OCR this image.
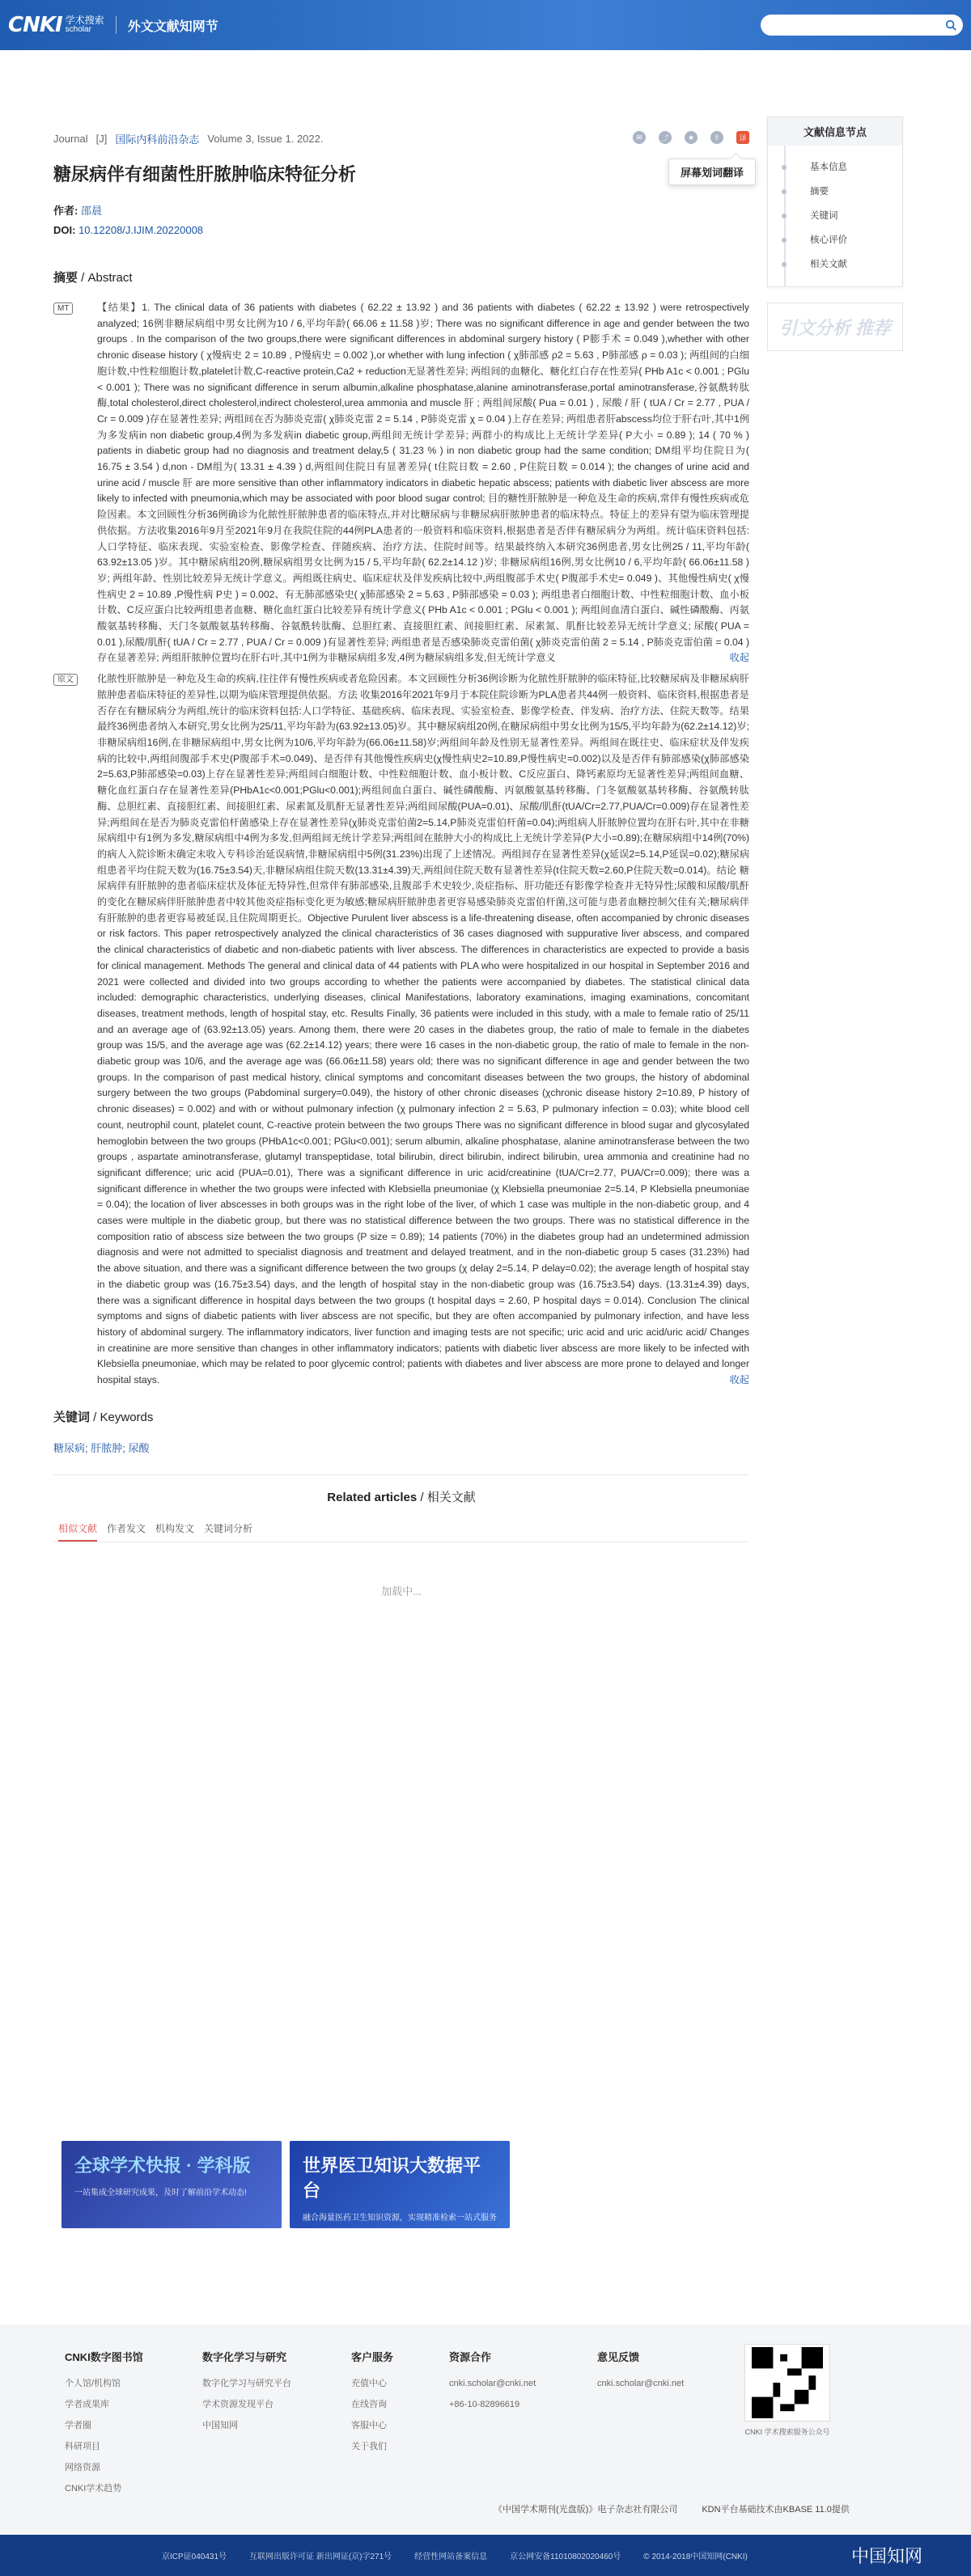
CNKI 学术搜索
scholar	外文文献知网节
Journal [J] 国际内科前沿杂志 Volume 3, Issue 1. 2022.	✉	⤴	★	⇪	译
屏幕划词翻译
糖尿病伴有细菌性肝脓肿临床特征分析
作者: 邵晨
DOI: 10.12208/J.IJIM.20220008
摘要 / Abstract
MT	【结果】1. The clinical data of 36 patients with diabetes ( 62.22 ± 13.92 ) and 36 patients with diabetes ( 62.22 ± 13.92 ) were retrospectively analyzed; 16例非糖尿病组中男女比例为10 / 6,平均年龄( 66.06 ± 11.58 )岁; There was no significant difference in age and gender between the two groups . In the comparison of the two groups,there were significant differences in abdominal surgery history ( P膨手术 = 0.049 ),whether with other chronic disease history ( χ慢病史 2 = 10.89 , P慢病史 = 0.002 ),or whether with lung infection ( χ肺部感 ρ2 = 5.63 , P肺部感 ρ = 0.03 ); 两组间的白细胞计数,中性粒细胞计数,platelet计数,C-reactive protein,Ca2 + reduction无显著性差异; 两组间的血糖化、糖化红白存在性差异( PHb A1c < 0.001 ; PGlu < 0.001 ); There was no significant difference in serum albumin,alkaline phosphatase,alanine aminotransferase,portal aminotransferase,谷氨酰转肽酶,total cholesterol,direct cholesterol,indirect cholesterol,urea ammonia and muscle 肝 ; 两组间尿酸( Pua = 0.01 ) , 尿酸 / 肝 ( tUA / Cr = 2.77 , PUA / Cr = 0.009 )存在显著性差异; 两组间在否为肺炎克雷( χ肺炎克雷 2 = 5.14 , P肺炎克雷 χ = 0.04 )上存在差异; 两组患者肝abscess均位于肝右叶,其中1例为多发病in non diabetic group,4例为多发病in diabetic group,两组间无统计学差异; 两群小的构成比上无统计学差异( P大小 = 0.89 ); 14 ( 70 % ) patients in diabetic group had no diagnosis and treatment delay,5 ( 31.23 % ) in non diabetic group had the same condition; DM组平均住院日为( 16.75 ± 3.54 ) d,non - DM组为( 13.31 ± 4.39 ) d,两组间住院日有显著差异( t住院日数 = 2.60 , P住院日数 = 0.014 ); the changes of urine acid and urine acid / muscle 肝 are more sensitive than other inflammatory indicators in diabetic hepatic abscess; patients with diabetic liver abscess are more likely to infected with pneumonia,which may be associated with poor blood sugar control; 目的糖性肝脓肿是一种危及生命的疾病,常伴有慢性疾病或危险因素。本文回顾性分析36例确诊为化脓性肝脓肿患者的临床特点,并对比糖尿病与非糖尿病肝脓肿患者的临床特点。特征上的差异有望为临床管理提供依据。方法收集2016年9月至2021年9月在我院住院的44例PLA患者的一般资料和临床资料,根据患者是否伴有糖尿病分为两组。统计临床资料包括: 人口学特征、临床表现、实验室检查、影像学检查、伴随疾病、治疗方法、住院时间等。结果最终纳入本研究36例患者,男女比例25 / 11,平均年龄( 63.92±13.05 )岁。其中糖尿病组20例,糖尿病组男女比例为15 / 5,平均年龄( 62.2±14.12 )岁; 非糖尿病组16例,男女比例10 / 6,平均年龄( 66.06±11.58 )岁; 两组年龄、性别比较差异无统计学意义。两组既往病史、临床症状及伴发疾病比较中,两组腹部手术史( P腹部手术史= 0.049 )、其他慢性病史( χ慢性病史 2 = 10.89 ,P慢性病 P史 ) = 0.002、有无肺部感染史( χ肺部感染 2 = 5.63 , P肺部感染 = 0.03 ); 两组患者白细胞计数、中性粒细胞计数、血小板计数、C反应蛋白比较两组患者血糖、糖化血红蛋白比较差异有统计学意义( PHb A1c < 0.001 ; PGlu < 0.001 ); 两组间血清白蛋白、碱性磷酸酶、丙氨酸氨基转移酶、天门冬氨酸氨基转移酶、谷氨酰转肽酶、总胆红素、直接胆红素、间接胆红素、尿素氮、肌酐比较差异无统计学意义; 尿酸( PUA = 0.01 ),尿酸/肌酐( tUA / Cr = 2.77 , PUA / Cr = 0.009 )有显著性差异; 两组患者是否感染肺炎克雷伯菌( χ肺炎克雷伯菌 2 = 5.14 , P肺炎克雷伯菌 = 0.04 )存在显著差异; 两组肝脓肿位置均在肝右叶,其中1例为非糖尿病组多发,4例为糖尿病组多发,但无统计学意义	收起
原文	化脓性肝脓肿是一种危及生命的疾病,往往伴有慢性疾病或者危险因素。本文回顾性分析36例诊断为化脓性肝脓肿的临床特征,比较糖尿病及非糖尿病肝脓肿患者临床特征的差异性,以期为临床管理提供依据。方法 收集2016年2021年9月于本院住院诊断为PLA患者共44例一般资料、临床资料,根据患者是否存在有糖尿病分为两组,统计的临床资料包括:人口学特征、基础疾病、临床表现、实验室检查、影像学检查、伴发病、治疗方法、住院天数等。结果 最终36例患者纳入本研究,男女比例为25/11,平均年龄为(63.92±13.05)岁。其中糖尿病组20例,在糖尿病组中男女比例为15/5,平均年龄为(62.2±14.12)岁;非糖尿病组16例,在非糖尿病组中,男女比例为10/6,平均年龄为(66.06±11.58)岁;两组间年龄及性别无显著性差异。两组间在既往史、临床症状及伴发疾病的比较中,两组间腹部手术史(P腹部手术=0.049)、是否伴有其他慢性疾病史(χ慢性病史2=10.89,P慢性病史=0.002)以及是否伴有肺部感染(χ肺部感染2=5.63,P肺部感染=0.03)上存在显著性差异;两组间白细胞计数、中性粒细胞计数、血小板计数、C反应蛋白、降钙素原均无显著性差异;两组间血糖、糖化血红蛋白存在显著性差异(PHbA1c<0.001;PGlu<0.001);两组间血白蛋白、碱性磷酸酶、丙氨酸氨基转移酶、门冬氨酸氨基转移酶、谷氨酰转肽酶、总胆红素、直接胆红素、间接胆红素、尿素氮及肌酐无显著性差异;两组间尿酸(PUA=0.01)、尿酸/肌酐(tUA/Cr=2.77,PUA/Cr=0.009)存在显著性差异;两组间在是否为肺炎克雷伯杆菌感染上存在显著性差异(χ肺炎克雷伯菌2=5.14,P肺炎克雷伯杆菌=0.04);两组病人肝脓肿位置均在肝右叶,其中在非糖尿病组中有1例为多发,糖尿病组中4例为多发,但两组间无统计学差异;两组间在脓肿大小的构成比上无统计学差异(P大小=0.89);在糖尿病组中14例(70%)的病人入院诊断未确定未收入专科诊治延误病情,非糖尿病组中5例(31.23%)出现了上述情况。两组间存在显著性差异(χ延误2=5.14,P延误=0.02);糖尿病组患者平均住院天数为(16.75±3.54)天,非糖尿病组住院天数(13.31±4.39)天,两组间住院天数有显著性差异(t住院天数=2.60,P住院天数=0.014)。结论 糖尿病伴有肝脓肿的患者临床症状及体征无特异性,但常伴有肺部感染,且腹部手术史较少,炎症指标、肝功能还有影像学检查并无特异性;尿酸和尿酸/肌酐的变化在糖尿病伴肝脓肿患者中较其他炎症指标变化更为敏感;糖尿病肝脓肿患者更容易感染肺炎克雷伯杆菌,这可能与患者血糖控制欠佳有关;糖尿病伴有肝脓肿的患者更容易被延误,且住院周期更长。Objective Purulent liver abscess is a life-threatening disease, often accompanied by chronic diseases or risk factors. This paper retrospectively analyzed the clinical characteristics of 36 cases diagnosed with suppurative liver abscess, and compared the clinical characteristics of diabetic and non-diabetic patients with liver abscess. The differences in characteristics are expected to provide a basis for clinical management. Methods The general and clinical data of 44 patients with PLA who were hospitalized in our hospital in September 2016 and 2021 were collected and divided into two groups according to whether the patients were accompanied by diabetes. The statistical clinical data included: demographic characteristics, underlying diseases, clinical Manifestations, laboratory examinations, imaging examinations, concomitant diseases, treatment methods, length of hospital stay, etc. Results Finally, 36 patients were included in this study, with a male to female ratio of 25/11 and an average age of (63.92±13.05) years. Among them, there were 20 cases in the diabetes group, the ratio of male to female in the diabetes group was 15/5, and the average age was (62.2±14.12) years; there were 16 cases in the non-diabetic group, the ratio of male to female in the non-diabetic group was 10/6, and the average age was (66.06±11.58) years old; there was no significant difference in age and gender between the two groups. In the comparison of past medical history, clinical symptoms and concomitant diseases between the two groups, the history of abdominal surgery between the two groups (Pabdominal surgery=0.049), the history of other chronic diseases (χchronic disease history 2=10.89, P history of chronic diseases) = 0.002) and with or without pulmonary infection (χ pulmonary infection 2 = 5.63, P pulmonary infection = 0.03); white blood cell count, neutrophil count, platelet count, C-reactive protein between the two groups There was no significant difference in blood sugar and glycosylated hemoglobin between the two groups (PHbA1c<0.001; PGlu<0.001); serum albumin, alkaline phosphatase, alanine aminotransferase between the two groups , aspartate aminotransferase, glutamyl transpeptidase, total bilirubin, direct bilirubin, indirect bilirubin, urea ammonia and creatinine had no significant difference; uric acid (PUA=0.01), There was a significant difference in uric acid/creatinine (tUA/Cr=2.77, PUA/Cr=0.009); there was a significant difference in whether the two groups were infected with Klebsiella pneumoniae (χ Klebsiella pneumoniae 2=5.14, P Klebsiella pneumoniae = 0.04); the location of liver abscesses in both groups was in the right lobe of the liver, of which 1 case was multiple in the non-diabetic group, and 4 cases were multiple in the diabetic group, but there was no statistical difference between the two groups. There was no statistical difference in the composition ratio of abscess size between the two groups (P size = 0.89); 14 patients (70%) in the diabetes group had an undetermined admission diagnosis and were not admitted to specialist diagnosis and treatment and delayed treatment, and in the non-diabetic group 5 cases (31.23%) had the above situation, and there was a significant difference between the two groups (χ delay 2=5.14, P delay=0.02); the average length of hospital stay in the diabetic group was (16.75±3.54) days, and the length of hospital stay in the non-diabetic group was (16.75±3.54) days. (13.31±4.39) days, there was a significant difference in hospital days between the two groups (t hospital days = 2.60, P hospital days = 0.014). Conclusion The clinical symptoms and signs of diabetic patients with liver abscess are not specific, but they are often accompanied by pulmonary infection, and have less history of abdominal surgery. The inflammatory indicators, liver function and imaging tests are not specific; uric acid and uric acid/uric acid/ Changes in creatinine are more sensitive than changes in other inflammatory indicators; patients with diabetic liver abscess are more likely to be infected with Klebsiella pneumoniae, which may be related to poor glycemic control; patients with diabetes and liver abscess are more prone to delayed and longer hospital stays.	收起
关键词 / Keywords
糖尿病; 肝脓肿; 尿酸
Related articles / 相关文献
相似文献 作者发文 机构发文 关键词分析
加载中...
全球学术快报 · 学科版
一站集成全球研究成果，及时了解前沿学术动态!
世界医卫知识大数据平台
融合海量医药卫生知识资源，实现精准检索一站式服务
文献信息节点
基本信息
摘要
关键词
核心评价
相关文献
引文分析 推荐
CNKI数字图书馆
个人馆/机构馆
学者成果库
学者圈
科研项目
网络资源
CNKI学术趋势
数字化学习与研究
数字化学习与研究平台
学术资源发现平台
中国知网
客户服务
充值中心
在线咨询
客服中心
关于我们
资源合作
cnki.scholar@cnki.net
+86-10-82896619
意见反馈
cnki.scholar@cnki.net
CNKI 学术搜索服务公众号
《中国学术期刊(光盘版)》电子杂志社有限公司	KDN平台基础技术由KBASE 11.0提供
京ICP证040431号	互联网出版许可证 新出网证(京)字271号	经营性网站备案信息	京公网安备11010802020460号	© 2014-2018中国知网(CNKI)	中国知网
